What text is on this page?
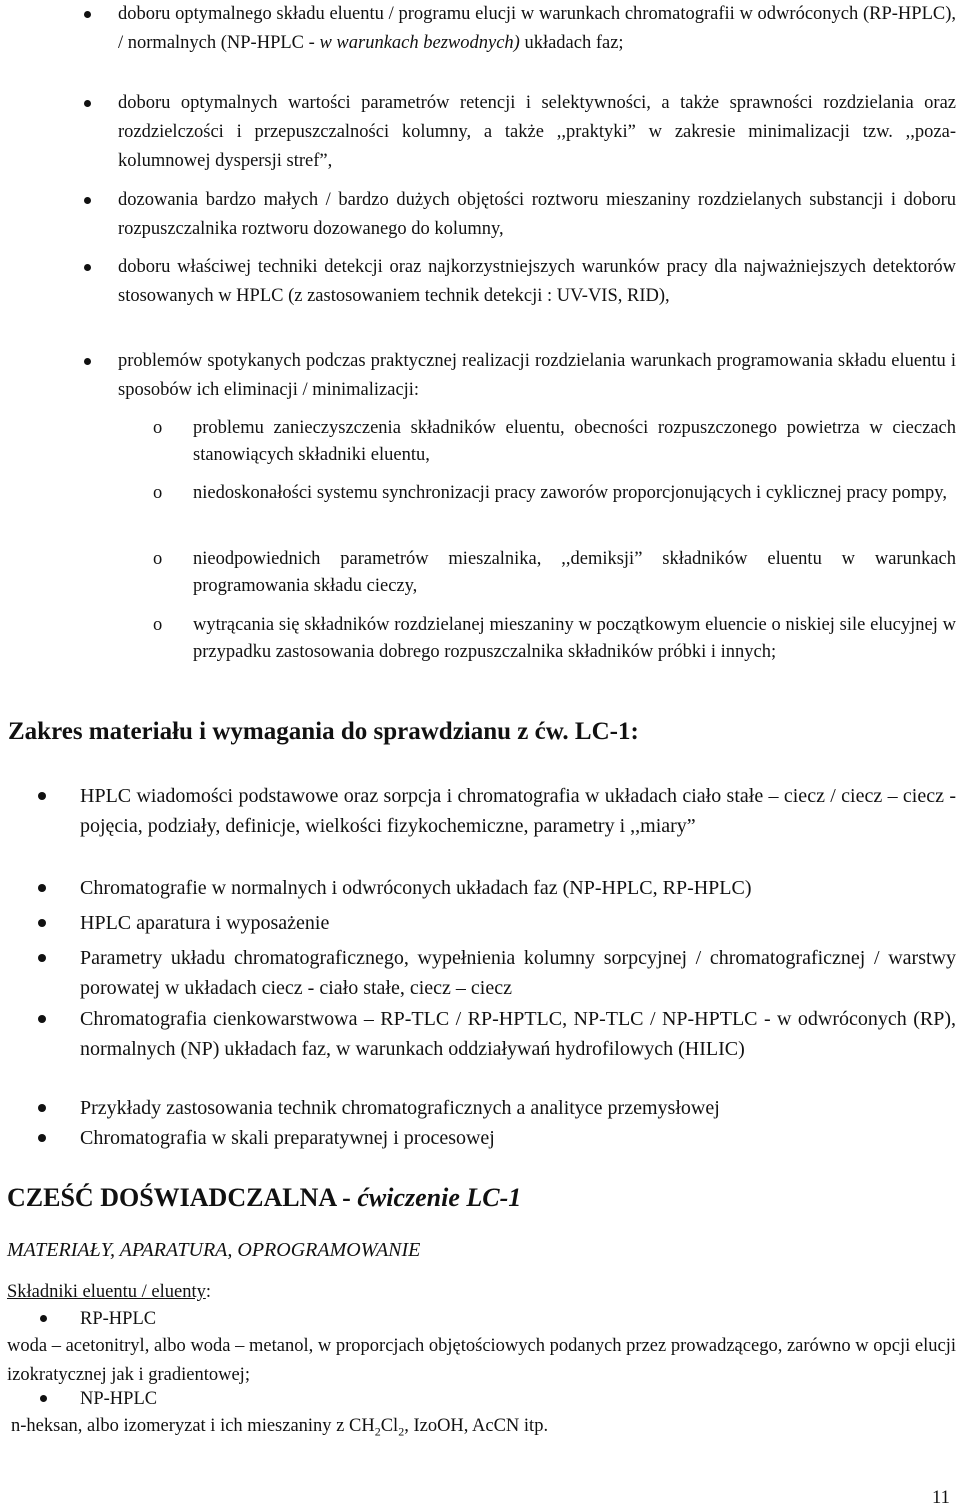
doboru optymalnego składu eluentu / programu elucji w warunkach chromatografii w odwróconych (RP-HPLC), / normalnych (NP-HPLC - w warunkach bezwodnych) układach faz;
doboru optymalnych wartości parametrów retencji i selektywności, a także sprawności rozdzielania oraz rozdzielczości i przepuszczalności kolumny, a także ,,praktyki” w zakresie minimalizacji tzw. ,,poza-kolumnowej dyspersji stref”,
dozowania bardzo małych / bardzo dużych objętości roztworu mieszaniny rozdzielanych substancji i doboru rozpuszczalnika roztworu dozowanego do kolumny,
doboru właściwej techniki detekcji oraz najkorzystniejszych warunków pracy dla najważniejszych detektorów stosowanych w HPLC (z zastosowaniem technik detekcji : UV-VIS, RID),
problemów spotykanych podczas praktycznej realizacji rozdzielania warunkach programowania składu eluentu i sposobów ich eliminacji / minimalizacji:
o problemu zanieczyszczenia składników eluentu, obecności rozpuszczonego powietrza w cieczach stanowiących składniki eluentu,
o niedoskonałości systemu synchronizacji pracy zaworów proporcjonujących i cyklicznej pracy pompy,
o nieodpowiednich parametrów mieszalnika, ,,demiksji” składników eluentu w warunkach programowania składu cieczy,
o wytrącania się składników rozdzielanej mieszaniny w początkowym eluencie o niskiej sile elucyjnej w przypadku zastosowania dobrego rozpuszczalnika składników próbki i innych;
Zakres materiału i wymagania do sprawdzianu z ćw. LC-1:
HPLC wiadomości podstawowe oraz sorpcja i chromatografia w układach ciało stałe – ciecz / ciecz – ciecz - pojęcia, podziały, definicje, wielkości fizykochemiczne, parametry i ,,miary”
Chromatografie w normalnych i odwróconych układach faz (NP-HPLC, RP-HPLC)
HPLC aparatura i wyposażenie
Parametry układu chromatograficznego, wypełnienia kolumny sorpcyjnej / chromatograficznej / warstwy porowatej w układach ciecz - ciało stałe, ciecz – ciecz
Chromatografia cienkowarstwowa – RP-TLC / RP-HPTLC, NP-TLC / NP-HPTLC - w odwróconych (RP), normalnych (NP) układach faz, w warunkach oddziaływań hydrofilowych (HILIC)
Przykłady zastosowania technik chromatograficznych a analityce przemysłowej
Chromatografia w skali preparatywnej i procesowej
CZEŚĆ DOŚWIADCZALNA - ćwiczenie LC-1
MATERIAŁY, APARATURA, OPROGRAMOWANIE
Składniki eluentu / eluenty:
RP-HPLC
woda – acetonitryl, albo woda – metanol, w proporcjach objętościowych podanych przez prowadzącego, zarówno w opcji elucji izokratycznej jak i gradientowej;
NP-HPLC
n-heksan, albo izomeryzat i ich mieszaniny z $CH_2Cl_2$, IzoOH, AcCN itp.
11
